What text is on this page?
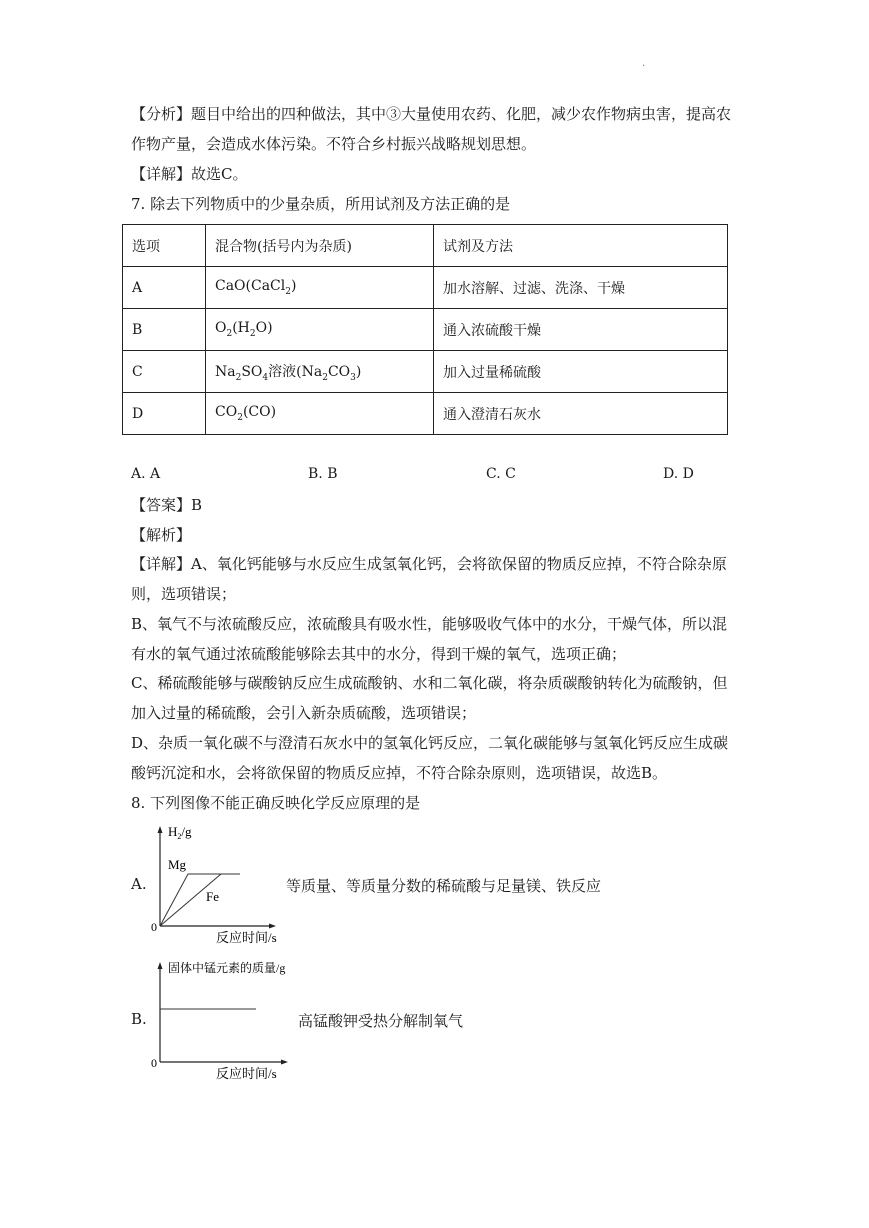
.
【分析】题目中给出的四种做法，其中③大量使用农药、化肥，减少农作物病虫害，提高农
作物产量，会造成水体污染。不符合乡村振兴战略规划思想。
【详解】故选C。
7. 除去下列物质中的少量杂质，所用试剂及方法正确的是
选项	混合物(括号内为杂质)	试剂及方法
A	CaO(CaCl$_2$)	加水溶解、过滤、洗涤、干燥
B	$O_2(H_2O)$	通入浓硫酸干燥
C	$Na_2SO_4$溶液$(Na_2CO_3)$	加入过量稀硫酸
D	$CO_2(CO)$	通入澄清石灰水
A. A	B. B	C. C	D. D
【答案】B
【解析】
【详解】A、氧化钙能够与水反应生成氢氧化钙，会将欲保留的物质反应掉，不符合除杂原
则，选项错误；
B、氧气不与浓硫酸反应，浓硫酸具有吸水性，能够吸收气体中的水分，干燥气体，所以混
有水的氧气通过浓硫酸能够除去其中的水分，得到干燥的氧气，选项正确；
C、稀硫酸能够与碳酸钠反应生成硫酸钠、水和二氧化碳，将杂质碳酸钠转化为硫酸钠，但
加入过量的稀硫酸，会引入新杂质硫酸，选项错误；
D、杂质一氧化碳不与澄清石灰水中的氢氧化钙反应，二氧化碳能够与氢氧化钙反应生成碳
酸钙沉淀和水，会将欲保留的物质反应掉，不符合除杂原则，选项错误，故选B。
8. 下列图像不能正确反映化学反应原理的是
A.
$H_2/g$
0
Mg
Fe
反应时间/s
等质量、等质量分数的稀硫酸与足量镁、铁反应
B.
固体中锰元素的质量/g
0
反应时间/s
高锰酸钾受热分解制氧气
